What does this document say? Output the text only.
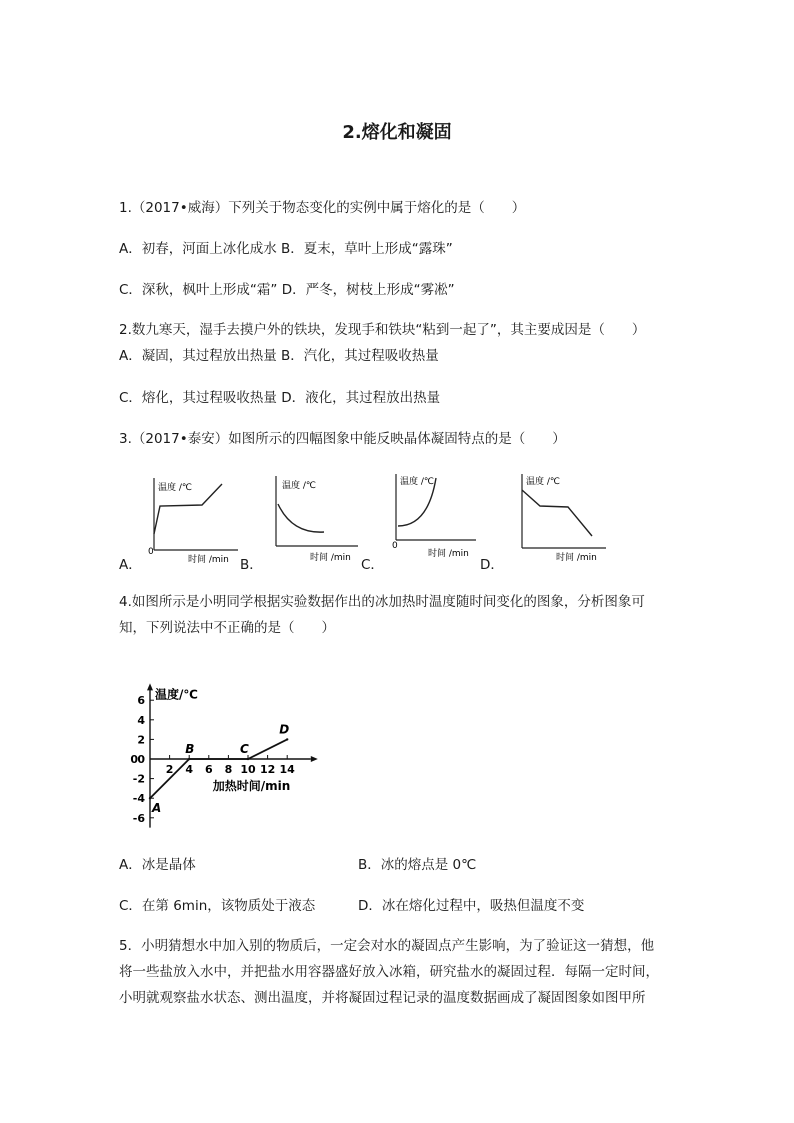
2.熔化和凝固
1.（2017•威海）下列关于物态变化的实例中属于熔化的是（　　）
A．初春，河面上冰化成水 B．夏末，草叶上形成“露珠”
C．深秋，枫叶上形成“霜” D．严冬，树枝上形成“雾凇”
2.数九寒天，湿手去摸户外的铁块，发现手和铁块“粘到一起了”，其主要成因是（　　）
A．凝固，其过程放出热量 B．汽化，其过程吸收热量
C．熔化，其过程吸收热量 D．液化，其过程放出热量
3.（2017•泰安）如图所示的四幅图象中能反映晶体凝固特点的是（　　）
温度 /℃
0
时间 /min
A．
温度 /℃
时间 /min
B．
温度 /℃
0
时间 /min
C．
温度 /℃
时间 /min
D．
4.如图所示是小明同学根据实验数据作出的冰加热时温度随时间变化的图象，分析图象可
知，下列说法中不正确的是（　　）
6
4
2
0
-2
-4
-6
2 4 6 8 10 12 14
0
温度/℃
加热时间/min
A
B	C
D
A．冰是晶体	B．冰的熔点是 0℃
C．在第 6min，该物质处于液态	D．冰在熔化过程中，吸热但温度不变
5．小明猜想水中加入别的物质后，一定会对水的凝固点产生影响，为了验证这一猜想，他
将一些盐放入水中，并把盐水用容器盛好放入冰箱，研究盐水的凝固过程．每隔一定时间，
小明就观察盐水状态、测出温度，并将凝固过程记录的温度数据画成了凝固图象如图甲所
